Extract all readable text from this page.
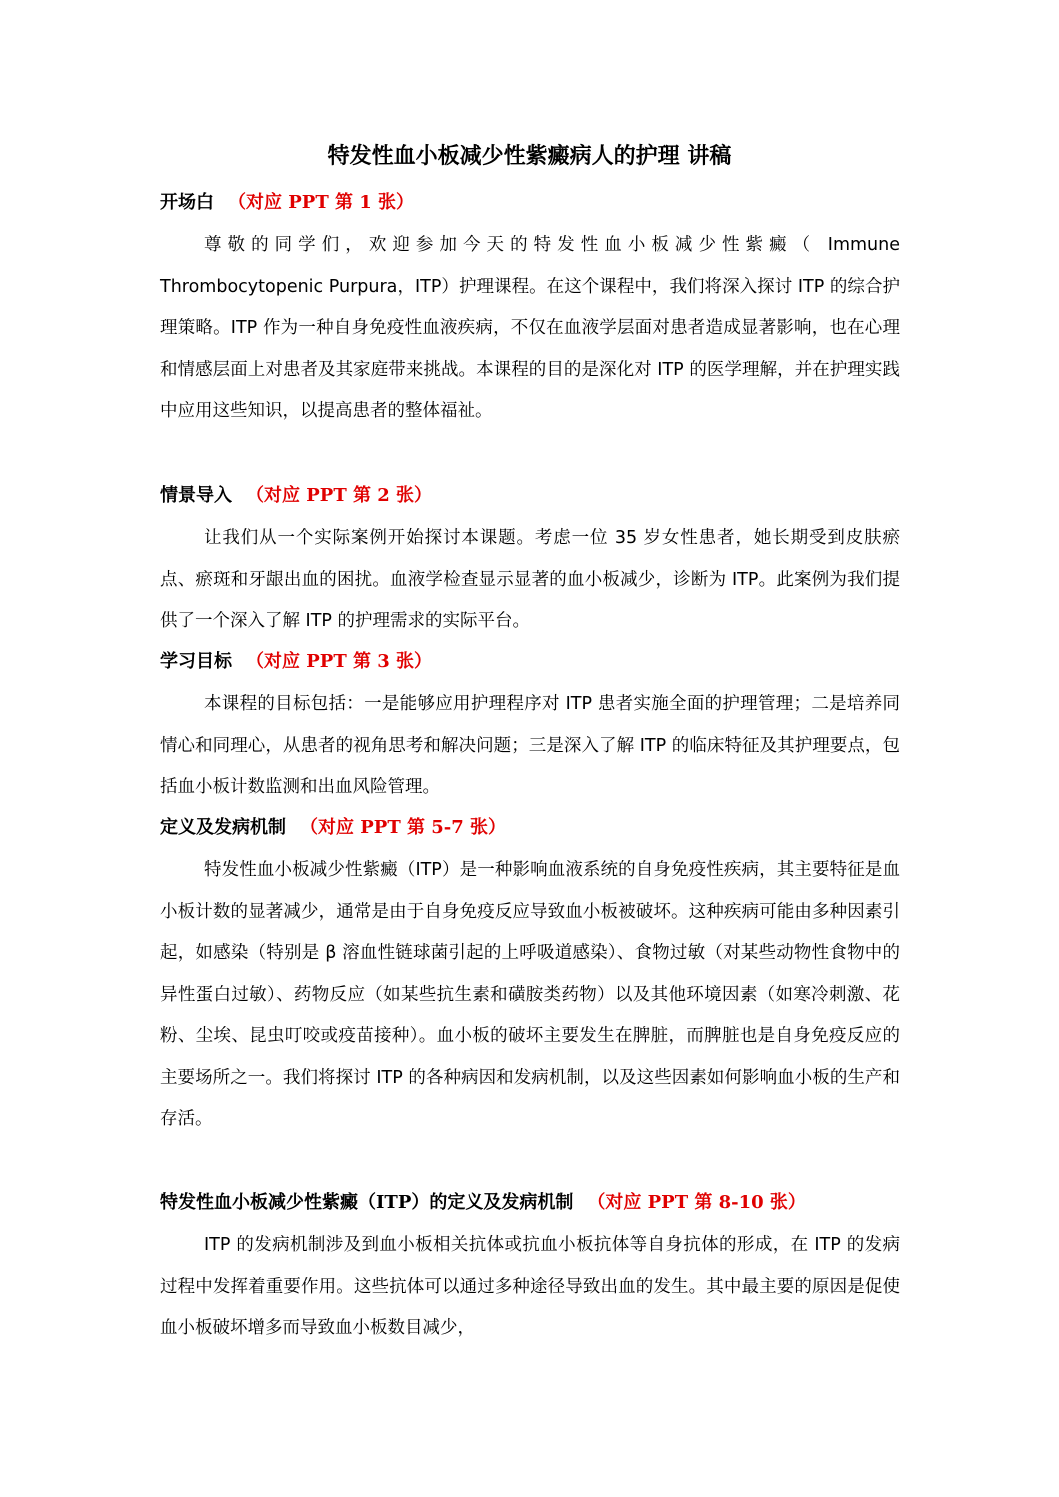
特发性血小板减少性紫癜病人的护理 讲稿

开场白 （对应 PPT 第 1 张）

尊敬的同学们，欢迎参加今天的特发性血小板减少性紫癜（ Immune Thrombocytopenic Purpura，ITP）护理课程。在这个课程中，我们将深入探讨 ITP 的综合护理策略。ITP 作为一种自身免疫性血液疾病，不仅在血液学层面对患者造成显著影响，也在心理和情感层面上对患者及其家庭带来挑战。本课程的目的是深化对 ITP 的医学理解，并在护理实践中应用这些知识，以提高患者的整体福祉。

情景导入 （对应 PPT 第 2 张）

让我们从一个实际案例开始探讨本课题。考虑一位 35 岁女性患者，她长期受到皮肤瘀点、瘀斑和牙龈出血的困扰。血液学检查显示显著的血小板减少，诊断为 ITP。此案例为我们提供了一个深入了解 ITP 的护理需求的实际平台。

学习目标 （对应 PPT 第 3 张）

本课程的目标包括：一是能够应用护理程序对 ITP 患者实施全面的护理管理；二是培养同情心和同理心，从患者的视角思考和解决问题；三是深入了解 ITP 的临床特征及其护理要点，包括血小板计数监测和出血风险管理。

定义及发病机制 （对应 PPT 第 5-7 张）

特发性血小板减少性紫癜（ITP）是一种影响血液系统的自身免疫性疾病，其主要特征是血小板计数的显著减少，通常是由于自身免疫反应导致血小板被破坏。这种疾病可能由多种因素引起，如感染（特别是 β 溶血性链球菌引起的上呼吸道感染）、食物过敏（对某些动物性食物中的异性蛋白过敏）、药物反应（如某些抗生素和磺胺类药物）以及其他环境因素（如寒冷刺激、花粉、尘埃、昆虫叮咬或疫苗接种）。血小板的破坏主要发生在脾脏，而脾脏也是自身免疫反应的主要场所之一。我们将探讨 ITP 的各种病因和发病机制，以及这些因素如何影响血小板的生产和存活。

特发性血小板减少性紫癜（ITP）的定义及发病机制 （对应 PPT 第 8-10 张）

ITP 的发病机制涉及到血小板相关抗体或抗血小板抗体等自身抗体的形成，在 ITP 的发病过程中发挥着重要作用。这些抗体可以通过多种途径导致出血的发生。其中最主要的原因是促使血小板破坏增多而导致血小板数目减少，
